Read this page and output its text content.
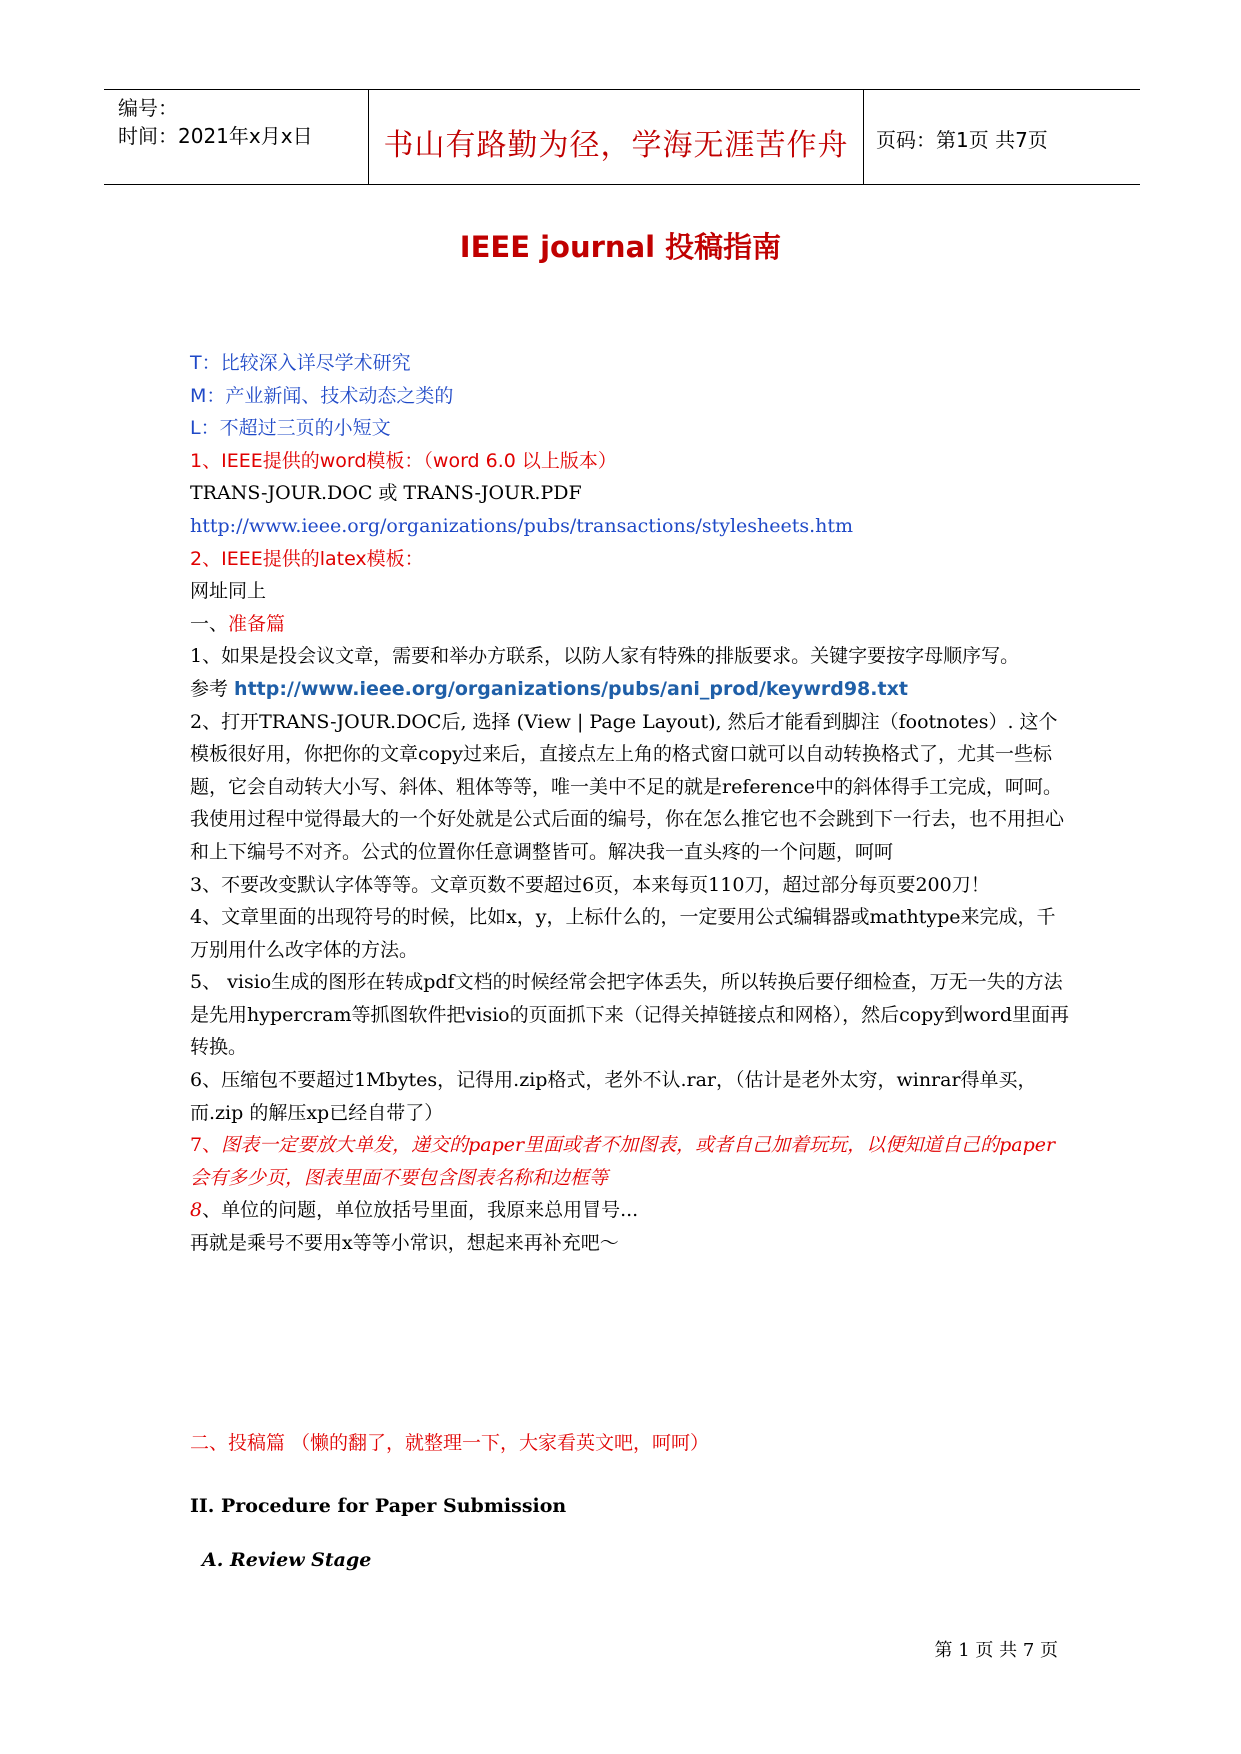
编号：
时间：2021年x月x日	书山有路勤为径，学海无涯苦作舟	页码：第1页 共7页
IEEE journal 投稿指南

T：比较深入详尽学术研究

M：产业新闻、技术动态之类的

L：不超过三页的小短文

1、IEEE提供的word模板：（word 6.0 以上版本）

TRANS-JOUR.DOC 或 TRANS-JOUR.PDF

http://www.ieee.org/organizations/pubs/transactions/stylesheets.htm

2、IEEE提供的latex模板：

网址同上

一、准备篇

1、如果是投会议文章，需要和举办方联系，以防人家有特殊的排版要求。关键字要按字母顺序写。

参考 http://www.ieee.org/organizations/pubs/ani_prod/keywrd98.txt

2、打开TRANS-JOUR.DOC后, 选择 (View | Page Layout), 然后才能看到脚注（footnotes）. 这个模板很好用，你把你的文章copy过来后，直接点左上角的格式窗口就可以自动转换格式了，尤其一些标题，它会自动转大小写、斜体、粗体等等，唯一美中不足的就是reference中的斜体得手工完成，呵呵。我使用过程中觉得最大的一个好处就是公式后面的编号，你在怎么推它也不会跳到下一行去，也不用担心和上下编号不对齐。公式的位置你任意调整皆可。解决我一直头疼的一个问题，呵呵

3、不要改变默认字体等等。文章页数不要超过6页，本来每页110刀，超过部分每页要200刀！

4、文章里面的出现符号的时候，比如x，y，上标什么的，一定要用公式编辑器或mathtype来完成，千万别用什么改字体的方法。

5、 visio生成的图形在转成pdf文档的时候经常会把字体丢失，所以转换后要仔细检查，万无一失的方法是先用hypercram等抓图软件把visio的页面抓下来（记得关掉链接点和网格），然后copy到word里面再转换。

6、压缩包不要超过1Mbytes，记得用.zip格式，老外不认.rar，（估计是老外太穷，winrar得单买，而.zip 的解压xp已经自带了）

7、图表一定要放大单发，递交的paper里面或者不加图表，或者自己加着玩玩，以便知道自己的paper会有多少页，图表里面不要包含图表名称和边框等

8、单位的问题，单位放括号里面，我原来总用冒号...

再就是乘号不要用x等等小常识，想起来再补充吧～

二、投稿篇 （懒的翻了，就整理一下，大家看英文吧，呵呵）
II. Procedure for Paper Submission
A. Review Stage
第 1 页 共 7 页
